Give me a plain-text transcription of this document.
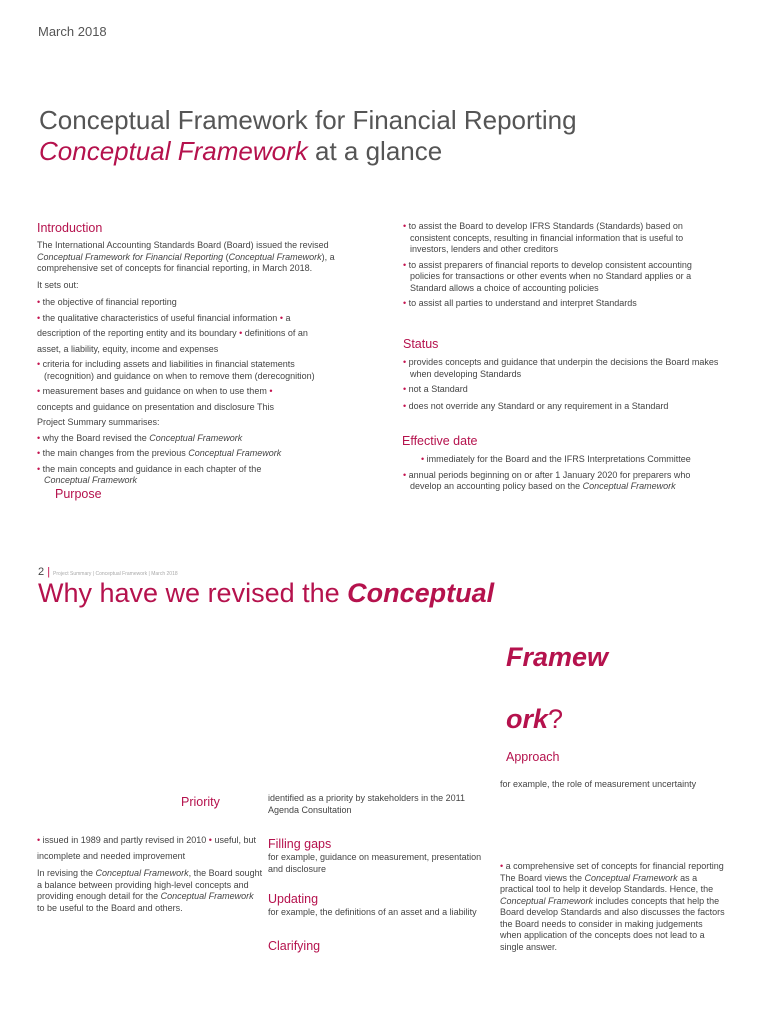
March 2018
Conceptual Framework for Financial Reporting
Conceptual Framework at a glance
Introduction
The International Accounting Standards Board (Board) issued the revised
Conceptual Framework for Financial Reporting (Conceptual Framework), a
comprehensive set of concepts for financial reporting, in March 2018.
It sets out:
• the objective of financial reporting
• the qualitative characteristics of useful financial information • a
description of the reporting entity and its boundary • definitions of an
asset, a liability, equity, income and expenses
• criteria for including assets and liabilities in financial statements
(recognition) and guidance on when to remove them (derecognition)
• measurement bases and guidance on when to use them •
concepts and guidance on presentation and disclosure This
Project Summary summarises:
• why the Board revised the Conceptual Framework
• the main changes from the previous Conceptual Framework
• the main concepts and guidance in each chapter of the
Conceptual Framework
Purpose
• to assist the Board to develop IFRS Standards (Standards) based on
consistent concepts, resulting in financial information that is useful to
investors, lenders and other creditors
• to assist preparers of financial reports to develop consistent accounting
policies for transactions or other events when no Standard applies or a
Standard allows a choice of accounting policies
• to assist all parties to understand and interpret Standards
Status
• provides concepts and guidance that underpin the decisions the Board makes
when developing Standards
• not a Standard
• does not override any Standard or any requirement in a Standard
Effective date
• immediately for the Board and the IFRS Interpretations Committee
• annual periods beginning on or after 1 January 2020 for preparers who
develop an accounting policy based on the Conceptual Framework
2 | Project Summary | Conceptual Framework | March 2018
Why have we revised the Conceptual
Framew
ork?
Approach
for example, the role of measurement uncertainty
Priority	identified as a priority by stakeholders in the 2011
Agenda Consultation
• issued in 1989 and partly revised in 2010 • useful, but
incomplete and needed improvement
In revising the Conceptual Framework, the Board sought
a balance between providing high-level concepts and
providing enough detail for the Conceptual Framework
to be useful to the Board and others.
Filling gaps
for example, guidance on measurement, presentation
and disclosure
Updating
for example, the definitions of an asset and a liability
Clarifying
• a comprehensive set of concepts for financial reporting
The Board views the Conceptual Framework as a
practical tool to help it develop Standards. Hence, the
Conceptual Framework includes concepts that help the
Board develop Standards and also discusses the factors
the Board needs to consider in making judgements
when application of the concepts does not lead to a
single answer.
